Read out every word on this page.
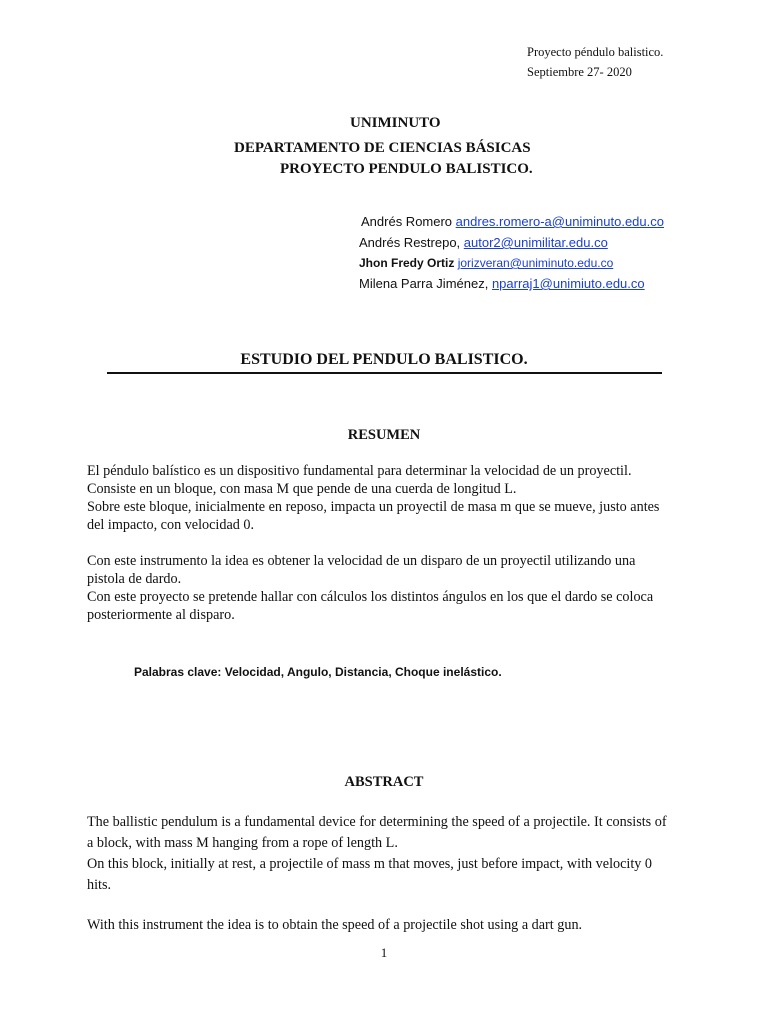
Proyecto péndulo balistico.
Septiembre 27- 2020
UNIMINUTO
DEPARTAMENTO DE CIENCIAS BÁSICAS
PROYECTO PENDULO BALISTICO.
Andrés Romero andres.romero-a@uniminuto.edu.co
Andrés Restrepo, autor2@unimilitar.edu.co
Jhon Fredy Ortiz jorizveran@uniminuto.edu.co
Milena Parra Jiménez, nparraj1@unimiuto.edu.co
ESTUDIO DEL PENDULO BALISTICO.
RESUMEN
El péndulo balístico es un dispositivo fundamental para determinar la velocidad de un proyectil.
Consiste en un bloque, con masa M que pende de una cuerda de longitud L.
Sobre este bloque, inicialmente en reposo, impacta un proyectil de masa m que se mueve, justo antes
del impacto, con velocidad 0.
Con este instrumento la idea es obtener la velocidad de un disparo de un proyectil utilizando una
pistola de dardo.
Con este proyecto se pretende hallar con cálculos los distintos ángulos en los que el dardo se coloca
posteriormente al disparo.
Palabras clave: Velocidad, Angulo, Distancia, Choque inelástico.
ABSTRACT
The ballistic pendulum is a fundamental device for determining the speed of a projectile. It consists of
a block, with mass M hanging from a rope of length L.
On this block, initially at rest, a projectile of mass m that moves, just before impact, with velocity 0
hits.
With this instrument the idea is to obtain the speed of a projectile shot using a dart gun.
1
